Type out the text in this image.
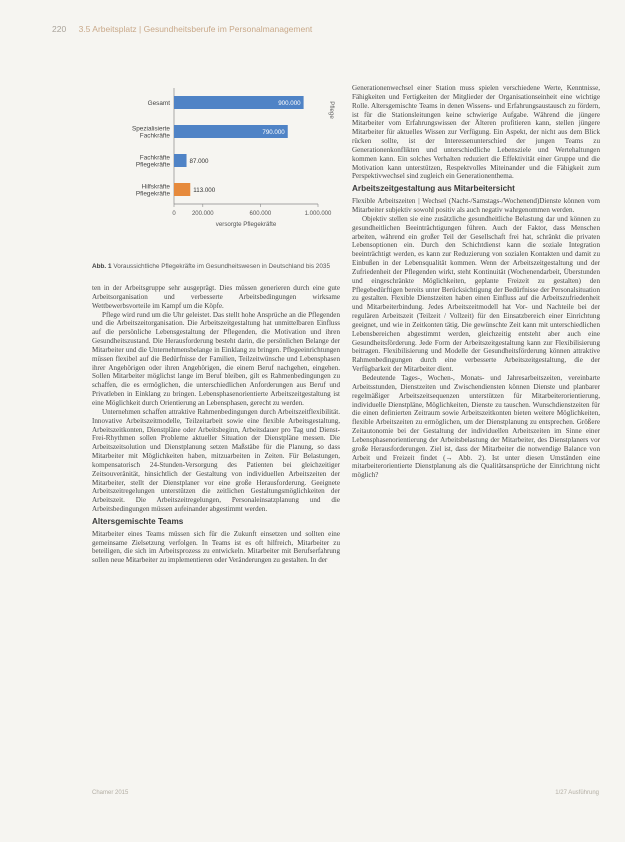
220 3.5 Arbeitsplatz | Gesundheitsberufe im Personalmanagement
Gesamt	900.000
Spezialisierte
Fachkräfte	790.000
Fachkräfte
Pflegekräfte	87.000
Hilfskräfte
Pflegekräfte	113.000
0	200.000	600.000	1.000.000
versorgte Pflegekräfte
Pflege
Abb. 1 Voraussichtliche Pflegekräfte im Gesundheitswesen in Deutschland bis 2035

ten in der Arbeitsgruppe sehr ausgeprägt. Dies müssen generieren durch eine gute Arbeitsorganisation und verbesserte Arbeitsbedingungen wirksame Wettbewerbsvorteile im Kampf um die Köpfe.

Pflege wird rund um die Uhr geleistet. Das stellt hohe Ansprüche an die Pflegenden und die Arbeitszeitorganisation. Die Arbeitszeitgestaltung hat unmittelbaren Einfluss auf die persönliche Lebensgestaltung der Pflegenden, die Motivation und ihren Gesundheitszustand. Die Herausforderung besteht darin, die persönlichen Belange der Mitarbeiter und die Unternehmensbelange in Einklang zu bringen. Pflegeeinrichtungen müssen flexibel auf die Bedürfnisse der Familien, Teilzeitwünsche und Lebensphasen ihrer Angehörigen oder ihren Angehörigen, die einem Beruf nachgehen, eingehen. Sollen Mitarbeiter möglichst lange im Beruf bleiben, gilt es Rahmenbedingungen zu schaffen, die es ermöglichen, die unterschiedlichen Anforderungen aus Beruf und Privatleben in Einklang zu bringen. Lebensphasenorientierte Arbeitszeitgestaltung ist eine Möglichkeit durch Orientierung an Lebensphasen, gerecht zu werden.

Unternehmen schaffen attraktive Rahmenbedingungen durch Arbeitszeitflexibilität. Innovative Arbeitszeitmodelle, Teilzeitarbeit sowie eine flexible Arbeitsgestaltung, Arbeitszeitkonten, Dienstpläne oder Arbeitsbeginn, Arbeitsdauer pro Tag und Dienst-Frei-Rhythmen sollen Probleme aktueller Situation der Dienstpläne messen. Die Arbeitszeitsolution und Dienstplanung setzen Maßstäbe für die Planung, so dass Mitarbeiter mit Möglichkeiten haben, mitzuarbeiten in Zeiten. Für Belastungen, kompensatorisch 24-Stunden-Versorgung des Patienten bei gleichzeitiger Zeitsouveränität, hinsichtlich der Gestaltung von individuellen Arbeitszeiten der Mitarbeiter, stellt der Dienstplaner vor eine große Herausforderung. Geeignete Arbeitszeitregelungen unterstützen die zeitlichen Gestaltungsmöglichkeiten der Arbeitszeit. Die Arbeitszeitregelungen, Personaleinsatzplanung und die Arbeitsbedingungen müssen aufeinander abgestimmt werden.

Altersgemischte Teams

Mitarbeiter eines Teams müssen sich für die Zukunft einsetzen und sollten eine gemeinsame Zielsetzung verfolgen. In Teams ist es oft hilfreich, Mitarbeiter zu beteiligen, die sich im Arbeitsprozess zu entwickeln. Mitarbeiter mit Berufserfahrung sollen neue Mitarbeiter zu implementieren oder Veränderungen zu gestalten. In der

Generationenwechsel einer Station muss spielen verschiedene Werte, Kenntnisse, Fähigkeiten und Fertigkeiten der Mitglieder der Organisationseinheit eine wichtige Rolle. Altersgemischte Teams in denen Wissens- und Erfahrungsaustausch zu fördern, ist für die Stationsleitungen keine schwierige Aufgabe. Während die jüngere Mitarbeiter vom Erfahrungswissen der Älteren profitieren kann, stellen jüngere Mitarbeiter für aktuelles Wissen zur Verfügung. Ein Aspekt, der nicht aus dem Blick rücken sollte, ist der Interessenunterschied der jungen Teams zu Generationenkonflikten und unterschiedliche Lebensziele und Wertehaltungen kommen kann. Ein solches Verhalten reduziert die Effektivität einer Gruppe und die Motivation kann unterstützen, Respektvolles Miteinander und die Fähigkeit zum Perspektivwechsel sind zugleich ein Generationenthema.

Arbeitszeitgestaltung aus Mitarbeitersicht

Flexible Arbeitszeiten | Wechsel (Nacht-/Samstags-/Wochenend)Dienste können vom Mitarbeiter subjektiv sowohl positiv als auch negativ wahrgenommen werden.

Objektiv stellen sie eine zusätzliche gesundheitliche Belastung dar und können zu gesundheitlichen Beeinträchtigungen führen. Auch der Faktor, dass Menschen arbeiten, während ein großer Teil der Gesellschaft frei hat, schränkt die privaten Lebensoptionen ein. Durch den Schichtdienst kann die soziale Integration beeinträchtigt werden, es kann zur Reduzierung von sozialen Kontakten und damit zu Einbußen in der Lebensqualität kommen. Wenn der Arbeitszeitgestaltung und der Zufriedenheit der Pflegenden wirkt, steht Kontinuität (Wochenendarbeit, Überstunden und eingeschränkte Möglichkeiten, geplante Freizeit zu gestalten) den Pflegebedürftigen bereits unter Berücksichtigung der Bedürfnisse der Personalsituation zu gestalten. Flexible Dienstzeiten haben einen Einfluss auf die Arbeitszufriedenheit und Mitarbeiterbindung. Jedes Arbeitszeitmodell hat Vor- und Nachteile bei der regulären Arbeitszeit (Teilzeit / Vollzeit) für den Einsatzbereich einer Einrichtung geeignet, und wie in Zeitkonten tätig. Die gewünschte Zeit kann mit unterschiedlichen Lebensbereichen abgestimmt werden, gleichzeitig entsteht aber auch eine Gesundheitsförderung. Jede Form der Arbeitszeitgestaltung kann zur Flexibilisierung beitragen. Flexibilisierung und Modelle der Gesundheitsförderung können attraktive Rahmenbedingungen durch eine verbesserte Arbeitszeitgestaltung, die der Verfügbarkeit der Mitarbeiter dient.

Bedeutende Tages-, Wochen-, Monats- und Jahresarbeitszeiten, vereinbarte Arbeitsstunden, Dienstzeiten und Zwischendiensten können Dienste und planbarer regelmäßiger Arbeitszeitsequenzen unterstützen für Mitarbeiterorientierung, individuelle Dienstpläne, Möglichkeiten, Dienste zu tauschen. Wunschdienstzeiten für die einen definierten Zeitraum sowie Arbeitszeitkonten bieten weitere Möglichkeiten, flexible Arbeitszeiten zu ermöglichen, um der Dienstplanung zu entsprechen. Größere Zeitautonomie bei der Gestaltung der individuellen Arbeitszeiten im Sinne einer Lebensphasenorientierung der Arbeitsbelastung der Mitarbeiter, des Dienstplaners vor große Herausforderungen. Ziel ist, dass der Mitarbeiter die notwendige Balance von Arbeit und Freizeit findet (→ Abb. 2). Ist unter diesen Umständen eine mitarbeiterorientierte Dienstplanung als die Qualitätsansprüche der Einrichtung nicht möglich?

Chamer 2015	1/27 Ausführung
